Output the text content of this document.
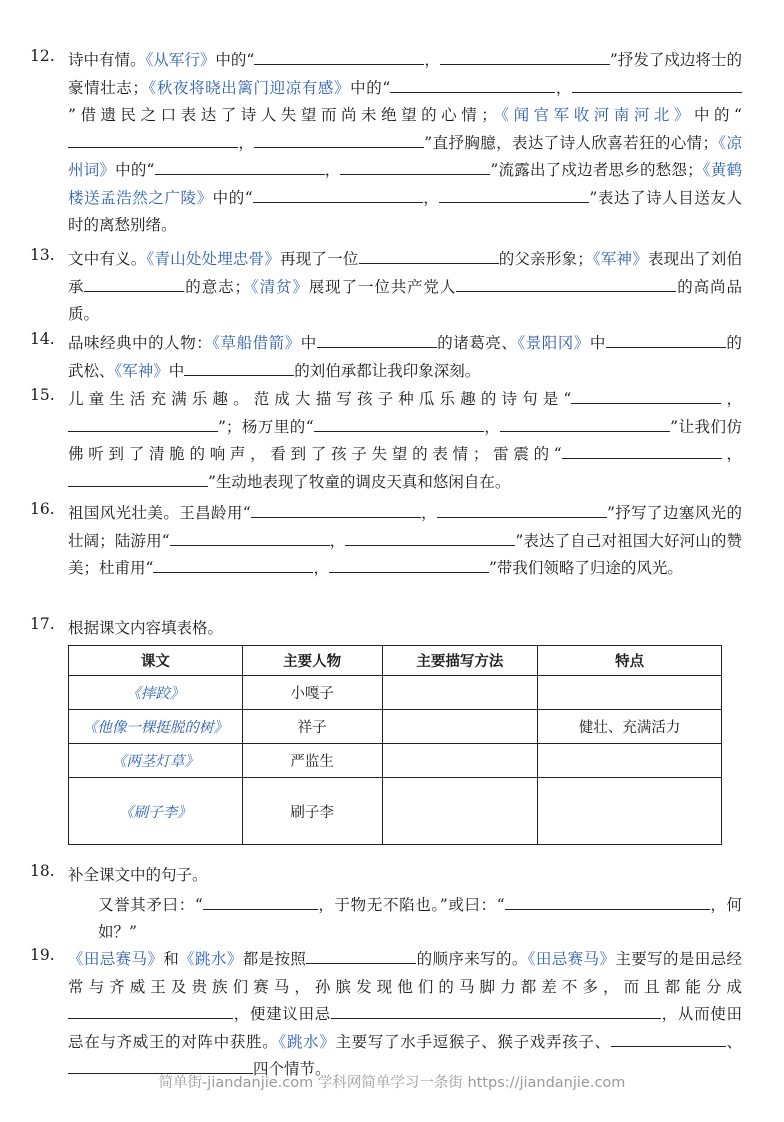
12. 诗中有情。《从军行》中的“	，	”抒发了戍边将士的豪情壮志；《秋夜将晓出篱门迎凉有感》中的“	，”借遗民之口表达了诗人失望而尚未绝望的心情；《闻官军收河南河北》中的“，	”直抒胸臆，表达了诗人欣喜若狂的心情；《凉州词》中的“	，	”流露出了戍边者思乡的愁怨；《黄鹤楼送孟浩然之广陵》中的“	，	”表达了诗人目送友人时的离愁别绪。
13. 文中有义。《青山处处埋忠骨》再现了一位	的父亲形象；《军神》表现出了刘伯承	的意志；《清贫》展现了一位共产党人	的高尚品质。
14. 品味经典中的人物：《草船借箭》中	的诸葛亮、《景阳冈》中	的武松、《军神》中	的刘伯承都让我印象深刻。
15. 儿童生活充满乐趣。范成大描写孩子种瓜乐趣的诗句是“	，”；杨万里的“	，	”让我们仿佛听到了清脆的响声，看到了孩子失望的表情；雷震的“	，”生动地表现了牧童的调皮天真和悠闲自在。
16. 祖国风光壮美。王昌龄用“	，	”抒写了边塞风光的壮阔；陆游用“	，	”表达了自己对祖国大好河山的赞美；杜甫用“	，	”带我们领略了归途的风光。
17. 根据课文内容填表格。
课文	主要人物	主要描写方法	特点
《摔跤》	小嘎子		
《他像一棵挺脱的树》	祥子		健壮、充满活力
《两茎灯草》	严监生		
《刷子李》	刷子李		
18. 补全课文中的句子。
又誉其矛曰：“	，于物无不陷也。”或曰：“	，何如？”
19. 《田忌赛马》和《跳水》都是按照	的顺序来写的。《田忌赛马》主要写的是田忌经常与齐威王及贵族们赛马，孙膑发现他们的马脚力都差不多，而且都能分成，便建议田忌	，从而使田忌在与齐威王的对阵中获胜。《跳水》主要写了水手逗猴子、猴子戏弄孩子、	、四个情节。
简单街-jiandanjie.com 学科网简单学习一条街 https://jiandanjie.com
